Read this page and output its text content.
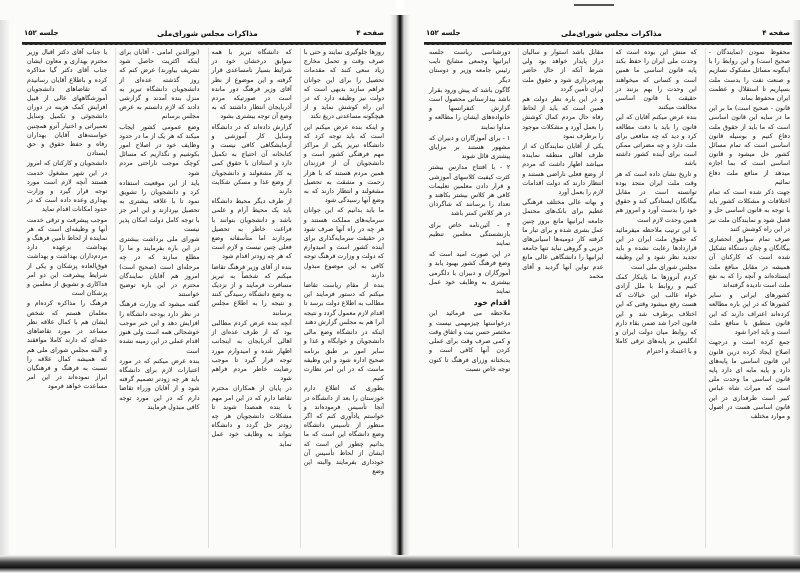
صفحه ۴
مذاکرات مجلس شورای‌ملی
جلسه ۱۵۲

روزها جلوگیری نمایند و حتی با صرف وقت و تحمل مخارج زیاد سعی کنند که مقدمات تحصیل را برای این جوانان فراهم سازند بدیهی است که دولت نیز وظیفه دارد که در این راه کوشش نماید و از هیچگونه مساعدتی دریغ نکند

و اینکه بنده عرض میکنم این است که باید توجه کرد که دانشگاه تبریز یکی از مراکز مهم فرهنگی کشور است و دانشجویان آن از فرزندان همین مردم هستند که با هزار زحمت و مشقت به تحصیل مشغولند و انتظار دارند که به وضع آنها رسیدگی شود

ما باید بدانیم که این جوانان سرمایه‌های مملکت هستند و هر چه در راه آنها صرف شود در حقیقت سرمایه‌گذاری برای آینده کشور است و امیدوارم که دولت و وزارت فرهنگ توجه کافی به این موضوع مبذول دارند

بنده از مقام ریاست تقاضا میکنم که دستور فرمایند این مطالب به اطلاع دولت برسد تا اقدام لازم معمول گردد و نتیجه آنرا هم به مجلس گزارش دهند

اینکه در دانشگاه وضع مالی دانشجویان و خوابگاه و غذا و سایر امور بر طبق برنامه صحیح اداره شود و این وظیفه ماست که در این امر نظارت کنیم

بطوری که اطلاع دارم خوزستان را بعد از دانشگاه در آنجا تأسیس فرموده‌اند و خواستم یادآوری کنم که اگر منظور از تأسیس دانشگاه وضع دانشگاه این است که ما بدانیم چطور این است که ایشان از لحاظ تأسیس آن خودداری بفرمایند والبته این وضع

که دانشگاه تبریز با همه سوابق درخشان خود در شرایط بسیار نامساعدی قرار گرفته و این موضوع از نظر آقای وزیر فرهنگ دور مانده است در صورتیکه مردم آذربایجان انتظار داشتند که به وضع آن توجه بیشتری بشود

گزارش داده‌اند که در دانشگاه وسایل کار آموزشی و آزمایشگاهی کافی نیست و کتابخانه آن احتیاج به تکمیل دارد و استادان با حقوق کمی به کار مشغولند و دانشجویان از وضع غذا و مسکن شکایت دارند

از طرف دیگر محیط دانشگاه باید یک محیط آرام و علمی باشد و دانشجویان بتوانند با فراغت خاطر به تحصیل بپردازند اما متأسفانه وضع فعلی چنین نیست و لازم است که هر چه زودتر اقدام شود

بنده از آقای وزیر فرهنگ تقاضا میکنم که شخصاً به تبریز مسافرت فرمایند و از نزدیک به وضع دانشگاه رسیدگی کنند و نتیجه را به اطلاع مجلس برسانند

آنچه بنده عرض کردم مطالبی بود که از طرف عده‌ای از اهالی آذربایجان به اینجانب اظهار شده و امیدوارم مورد توجه قرار گیرد تا موجب رضایت خاطر مردم فراهم شود

در پایان از همکاران محترم تقاضا دارم که در این امر مهم با بنده همصدا شوند تا مشکلات دانشجویان هر چه زودتر حل گردد و دانشگاه بتواند به وظایف خود عمل نماید

(نورالدین امامی - آقایان برای اینکه اکثریت حاصل شود تشریف بیاورند) عرض کنم که روز گذشته عده‌ای از دانشجویان دانشگاه تبریز به منزل بنده آمدند و گزارشی دادند که لازم دانستم به عرض مجلس برسانم

وضع عمومی کشور ایجاب میکند که هر یک از ما در حدود وظایف خود در اصلاح امور بکوشیم و نگذاریم که مسائل کوچک موجب ناراحتی مردم شود

باید از این موقعیت استفاده کرد و دانشجویان را تشویق نمود تا با علاقه بیشتری به تحصیل بپردازند و این امر جز با توجه کامل دولت امکان پذیر نیست

شورای ملی برداشت بیشتری در این باره بفرمایند و ما را مطلع سازند که در چه مرحله‌ای است (صحیح است) امروز هم آقایان نمایندگان محترم در این باره توضیح خواستند

گفته میشود که وزارت فرهنگ در نظر دارد بودجه دانشگاه را افزایش دهد و این خبر موجب خوشحالی همه است ولی هنوز اقدام عملی در این زمینه نشده است

بنده عرض میکنم که در مورد اعتبارات لازم برای دانشگاه باید هر چه زودتر تصمیم گرفته شود و از آقایان وزراء تقاضا دارم که در این مورد توجه کافی مبذول فرمایند

با جناب آقای دکتر اقبال وزیر محترم بهداری و معاون ایشان جناب آقای دکتر گیا مذاکره کرده و باطلاع آقایان رسانیدم که تقاضاهای دانشجویان آموزشگاههای عالی از قبیل افزایش کمک هزینه در دوران دانشجوئی و تکمیل وسایل تعمیراتی و اختیار آنرو همچنین خواسته‌های آقایان بهداران رفاه و حفظ حقوق و حق ایستادن

دانشجویان و کارکنان که امروز در این شهر مشغول خدمت هستند آنچه لازم است مورد توجه قرار گیرد و وزارت بهداری وعده داده است که در حدود امکانات اقدام نماید

موجب پیشرفت و ترقی خدمت آنها و وظیفه‌ای است که هر نماینده از لحاظ تأمین فرهنگ و بهداشت برعهده دارد مردم‌داران بهداشت و بهداشت فوق‌العاده پزشکان و یکی از شرایط پیشرفت این دو امر فداکاری و تشویق از معلمین و پزشکان است

فرهنگ را مذاکره کرده‌ام و معلمان هستم که شخص ایشان هم با کمال علاقه نظر مساعد در مورد تقاضاهای حقه‌ای که دارند کاملا موافقند و البته مجلس شورای ملی هم که همیشه کمال علاقه را نسبت به فرهنگ و فرهنگیان ابراز نموده‌اند در این امر مساعدت خواهد فرمود

صفحه ۴
مذاکرات مجلس شورای‌ملی
جلسه ۱۵۲

محفوظ نمودن (نمایندگان - صحیح است) و این روابط را با اینگونه مسائل مشکوک نسازیم و صنعت نفت را بدست ملت بسپاریم تا استقلال و عظمت ایران محفوظ بماند

قانون - صحیح است) ما بر این ما در سایه این قانون اساسی است که ما باید از حقوق ملت دفاع کنیم و بوسیله قانون اساسی است که تمام مسائل کشور حل میشود و قانون اساسی است که بما اجازه میدهد از منافع ملت دفاع نمائیم

جهت ذکر شده است که تمام اختلافات و مشکلات کشور باید با توجه به قانون اساسی حل و فصل شود و نمایندگان ملت نیز در این راه کوشش کنند

صرف تمام سوابق انحصاری بیگانگان و چنان دستگاه تشکیل شده است که کارکنان آن همیشه در مقابل منافع ملت ایستاده‌اند و آنچه را که به نفع ملت است نادیده گرفته‌اند

کشورهای ایرانی و سایر کشورها که در این باره مطالعه کرده‌اند اعتراف دارند که این قانون منطبق با منافع ملت است و باید اجرا شود

جمع کرده است و درجهت اصلاح ایجاد کرده درین قانون این قانون اساسی ما پایه‌های دارد و پایه مایه ای دارد پایه قانون اساسی ما وحدت ملی است که میراث شاه عباس کبیر است طرفداری در این قانون اساسی هست در اصول و موارد مختلف

که منش این بوده است که وحدت ملی ایران را حفظ بکند پایه قانون اساسی ما همین است و کسانی که میخواهند این وحدت را بهم بزنند در حقیقت با قانون اساسی مخالفت میکنند

بنده عرض میکنم آقایان که این قانون را باید با دقت مطالعه کرد و دید که چه منافعی برای ملت دارد و چه مضراتی ممکن است برای آینده کشور داشته باشد

و تاریخ نشان داده است که هر وقت ملت ایران متحد بوده توانسته است در مقابل بیگانگان ایستادگی کند و حقوق خود را بدست آورد و امروز هم همین وحدت لازم است

با این ترتیب ملاحظه میفرمائید که حقوق ملت ایران در این قراردادها رعایت نشده و باید تجدید نظر شود و این وظیفه مجلس شورای ملی است

کردم آنروزها ما باینکار کمک کنیم و روابط با ملل آزادی خواه غالب این خیالات که هست رفع میشود وقتی که این اختلاف برطرف شد و این قانون اجرا شد ضمن بقاء دارم که روابط میان دولت ایران و انگلیس بر پایه‌های ترقی کاملا و با اعتماد و احترام

مقابل باشد استوار و سالیان دراز پایدار خواهد بود ولی شرط آنکه از حال حاضر بهره‌برداری شود و حقوق ملت ایران تأمین گردد

و در این باره نظر دولت هم همین است که باید از لحاظ رفاه حال مردم کمال کوشش را بعمل آورد و مشکلات موجود را برطرف نمود

یکی از آقایان نمایندگان که از طرف اهالی منطقه نماینده میباشد اظهار داشت که مردم از وضع فعلی ناراضی هستند و انتظار دارند که دولت اقدامات لازم را بعمل آورد

و بهانه عالی مختلف فرهنگی عظیم برای بانک‌های محتمل جامعه ایرانیها مانع بروز چنین عمل بشری شده و برای تبار ما کرفته کار دومیه‌ها اسیانی‌های حزبی و گروهی نباید تنها جامعه ایرانیها را دانشگاهی عالی مانع عدم تواین آنها گردید و آقای محمد

دورشناسی ریاست جلسه ایرانیها وجمعی مشایخ نایب رئیس جامعه وزیر و دوستان دیگر

گاگون باشد که پیش ورود بقرار باشد بیدارستانی محصول است گزارش کنفرانسها و خانواده‌های ایشان را مطالعه و مداوا نمایند

۱ - برای آموزگاران و دبیران که مشهور هستند بر مزایای پیشتری قائل شوند

۲ - با افتتاح مدارس بیشتر کثرت کیفیت کلاسهای آموزشی و قرار دادن معلمین تعلیمات کافی هر کلاس بیشتر بکاهند و تعداد را برسانند که شاگردان در هر کلاس کمتر باشد

۳ - آئین‌نامه خاص برای بازنشستگی معلمین تنظیم نمایند

در این صورت امید است که وضع فرهنگ کشور بهبود یابد و آموزگاران و دبیران با دلگرمی بیشتری به وظایف خود عمل نمایند

اقدام خود

ملاحظه می فرمائید این درخواستها چیزمهمی نیست و مختصر حسن نیت و اتفاق وقت و کمی صرف وقت برای عملی کردن آنها کافی است و بدبختانه وزرای فرهنگ تا کنون توجه خاص نسبت
